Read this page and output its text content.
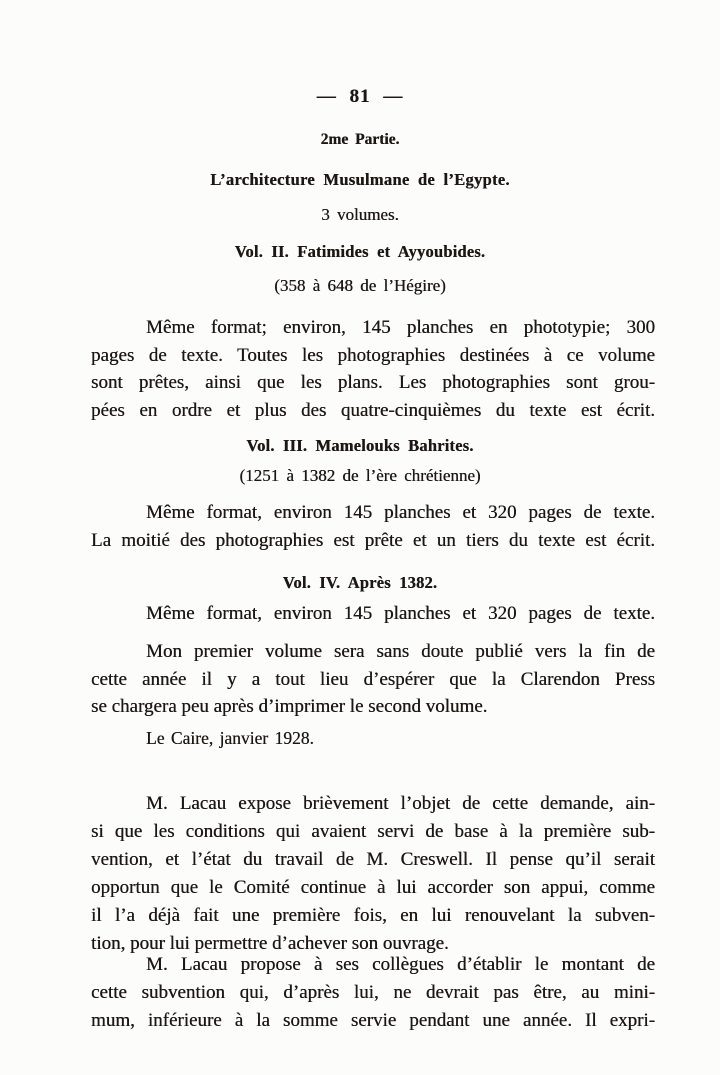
— 81 —
2me Partie.
L’architecture Musulmane de l’Egypte.
3 volumes.
Vol. II. Fatimides et Ayyoubides.
(358 à 648 de l’Hégire)
Même format; environ, 145 planches en phototypie; 300
pages de texte. Toutes les photographies destinées à ce volume
sont prêtes, ainsi que les plans. Les photographies sont grou-
pées en ordre et plus des quatre-cinquièmes du texte est écrit.
Vol. III. Mamelouks Bahrites.
(1251 à 1382 de l’ère chrétienne)
Même format, environ 145 planches et 320 pages de texte.
La moitié des photographies est prête et un tiers du texte est écrit.
Vol. IV. Après 1382.
Même format, environ 145 planches et 320 pages de texte.
Mon premier volume sera sans doute publié vers la fin de
cette année il y a tout lieu d’espérer que la Clarendon Press
se chargera peu après d’imprimer le second volume.
Le Caire, janvier 1928.
M. Lacau expose brièvement l’objet de cette demande, ain-
si que les conditions qui avaient servi de base à la première sub-
vention, et l’état du travail de M. Creswell. Il pense qu’il serait
opportun que le Comité continue à lui accorder son appui, comme
il l’a déjà fait une première fois, en lui renouvelant la subven-
tion, pour lui permettre d’achever son ouvrage.
M. Lacau propose à ses collègues d’établir le montant de
cette subvention qui, d’après lui, ne devrait pas être, au mini-
mum, inférieure à la somme servie pendant une année. Il expri-
